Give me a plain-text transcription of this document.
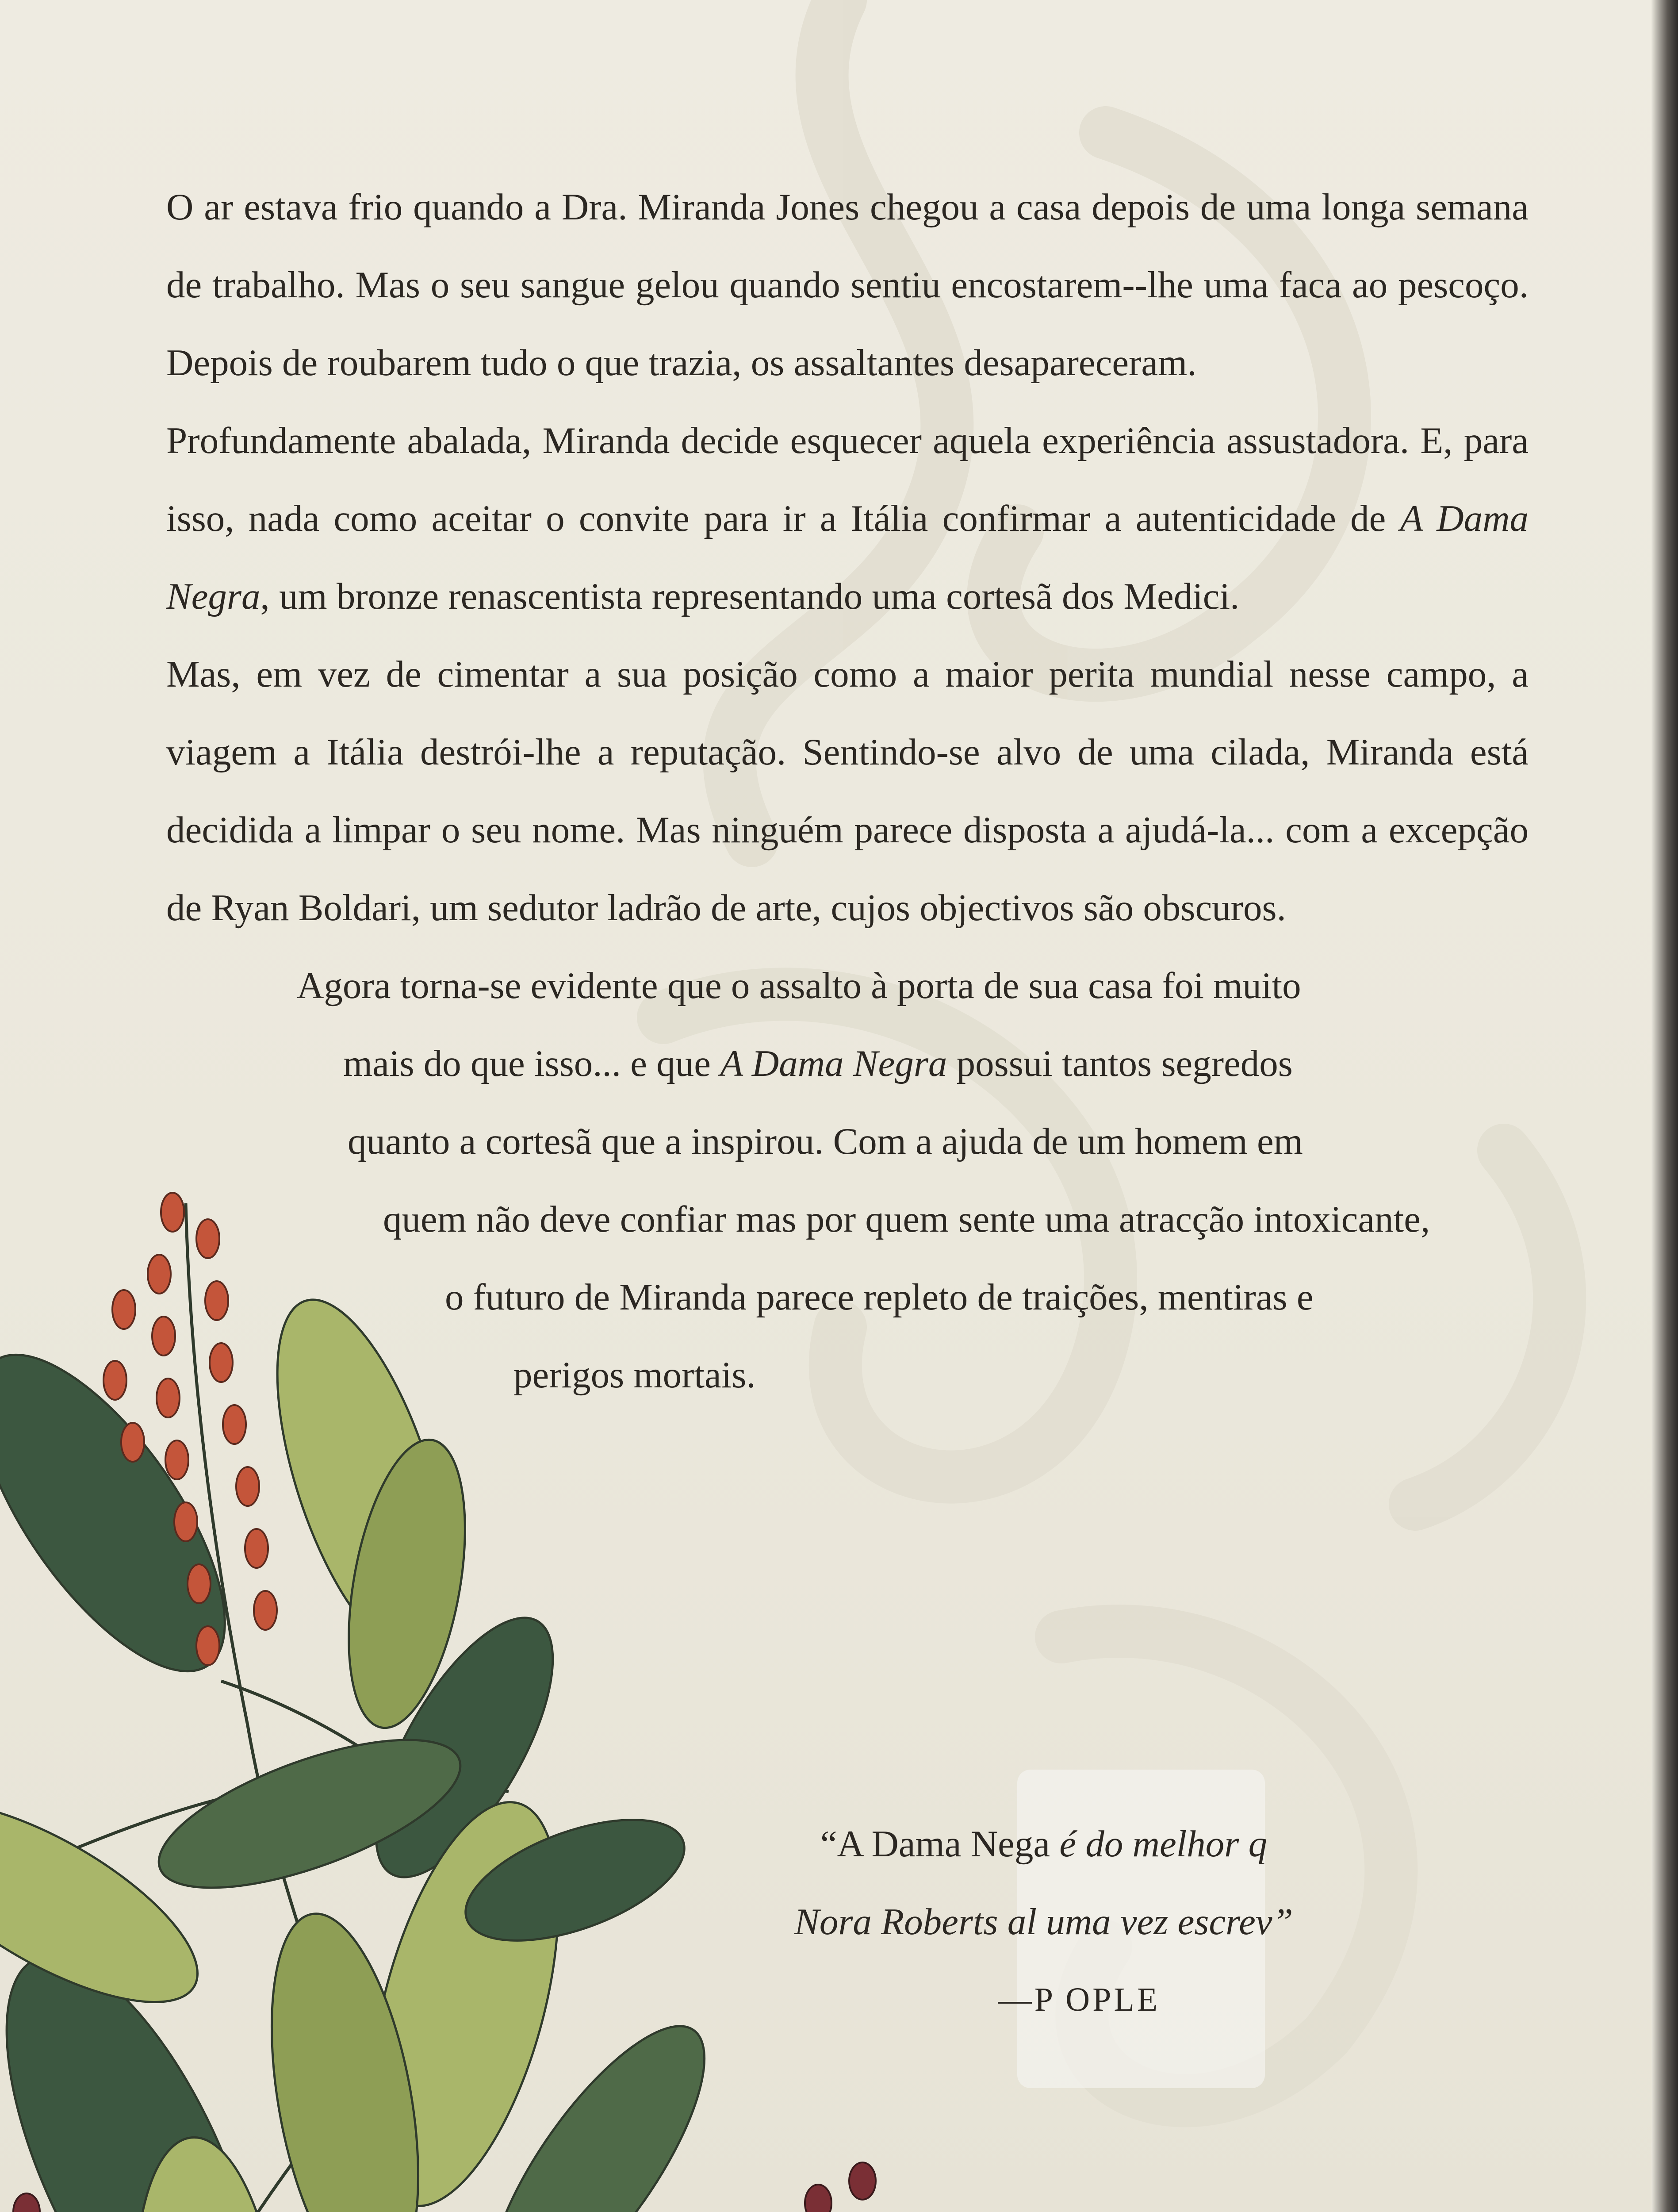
O ar estava frio quando a Dra. Miranda Jones chegou a casa depois de uma longa semana de trabalho. Mas o seu sangue gelou quando sentiu encostarem--lhe uma faca ao pescoço. Depois de roubarem tudo o que trazia, os assaltantes desapareceram.

Profundamente abalada, Miranda decide esquecer aquela experiência assustadora. E, para isso, nada como aceitar o convite para ir a Itália confirmar a autenticidade de A Dama Negra, um bronze renascentista representando uma cortesã dos Medici.

Mas, em vez de cimentar a sua posição como a maior perita mundial nesse campo, a viagem a Itália destrói-lhe a reputação. Sentindo-se alvo de uma cilada, Miranda está decidida a limpar o seu nome. Mas ninguém parece disposta a ajudá-la... com a excepção de Ryan Boldari, um sedutor ladrão de arte, cujos objectivos são obscuros.

Agora torna-se evidente que o assalto à porta de sua casa foi muito
mais do que isso... e que A Dama Negra possui tantos segredos
quanto a cortesã que a inspirou. Com a ajuda de um homem em
quem não deve confiar mas por quem sente uma atracção intoxicante,
o futuro de Miranda parece repleto de traições, mentiras e
perigos mortais.

“A Dama Nega é do melhor q
Nora Roberts al uma vez escrev”
—P OPLE
